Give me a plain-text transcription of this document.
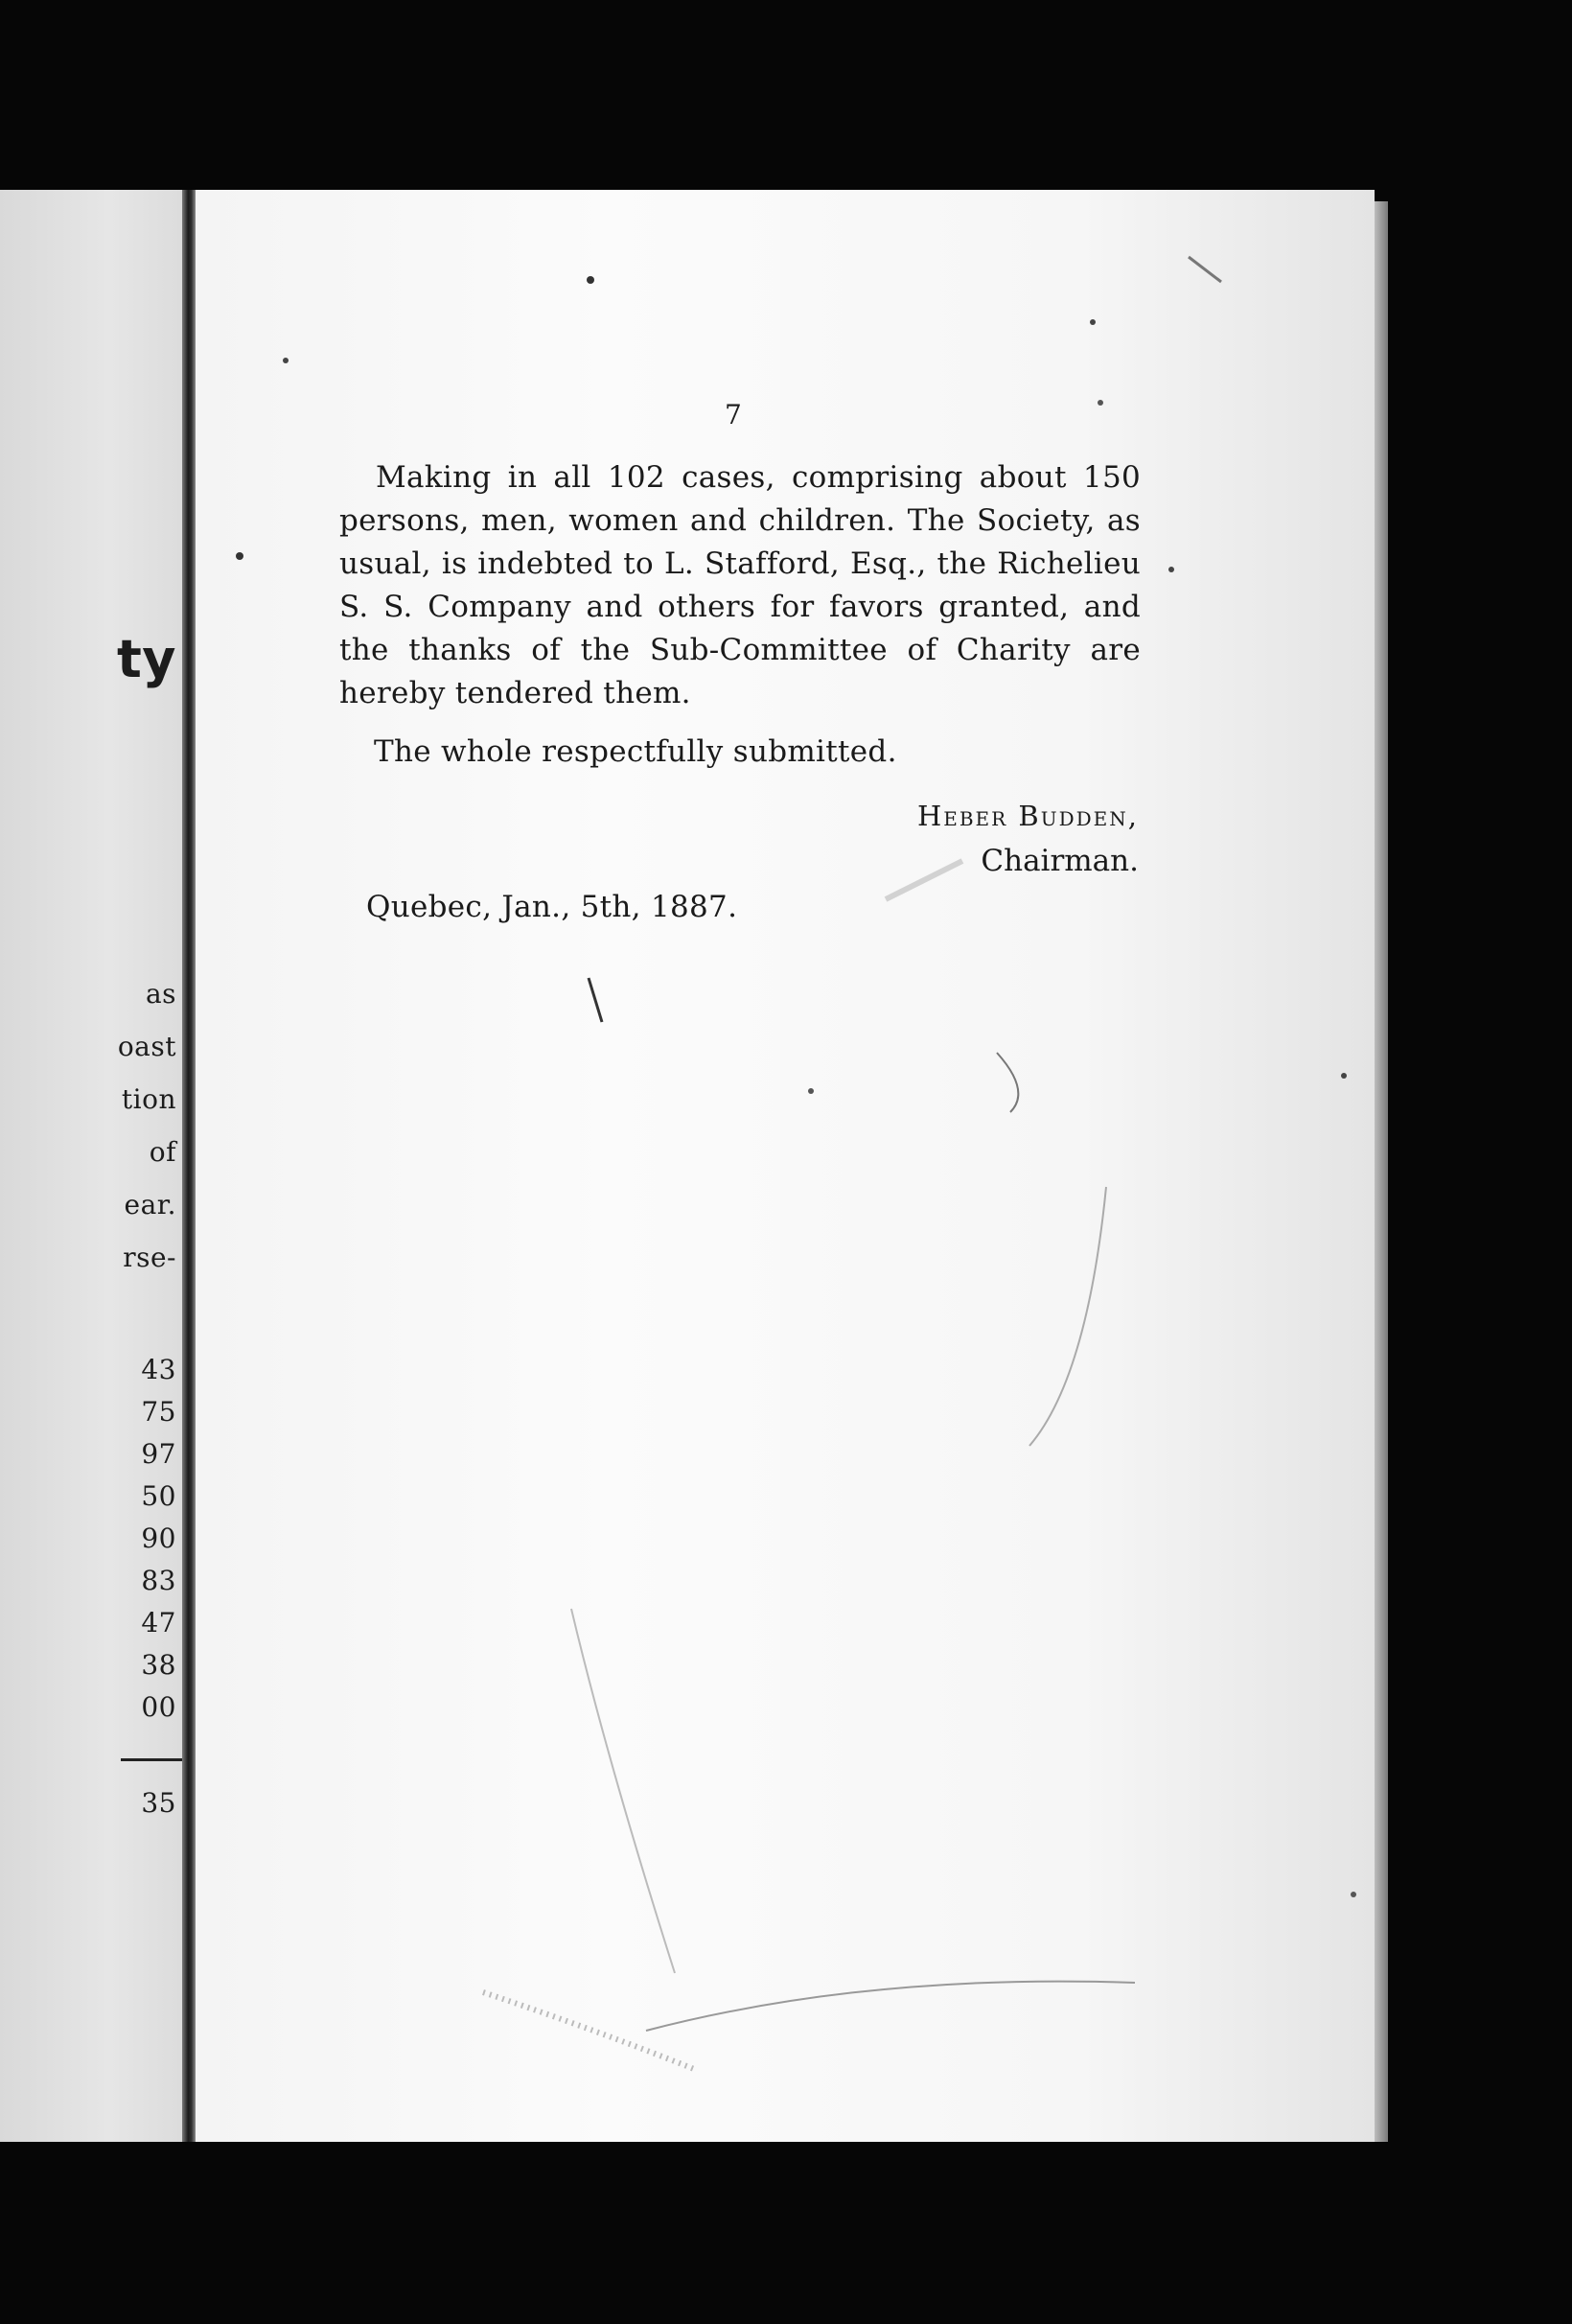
ty
as
oast
tion
of
ear.
rse-
43
75
97
50
90
83
47
38
00
35
7

Making in all 102 cases, comprising about 150 persons, men, women and children. The Society, as usual, is indebted to L. Stafford, Esq., the Richelieu S. S. Company and others for favors granted, and the thanks of the Sub-Committee of Charity are hereby tendered them.

The whole respectfully submitted.
Heber Budden,
Chairman.
Quebec, Jan., 5th, 1887.
